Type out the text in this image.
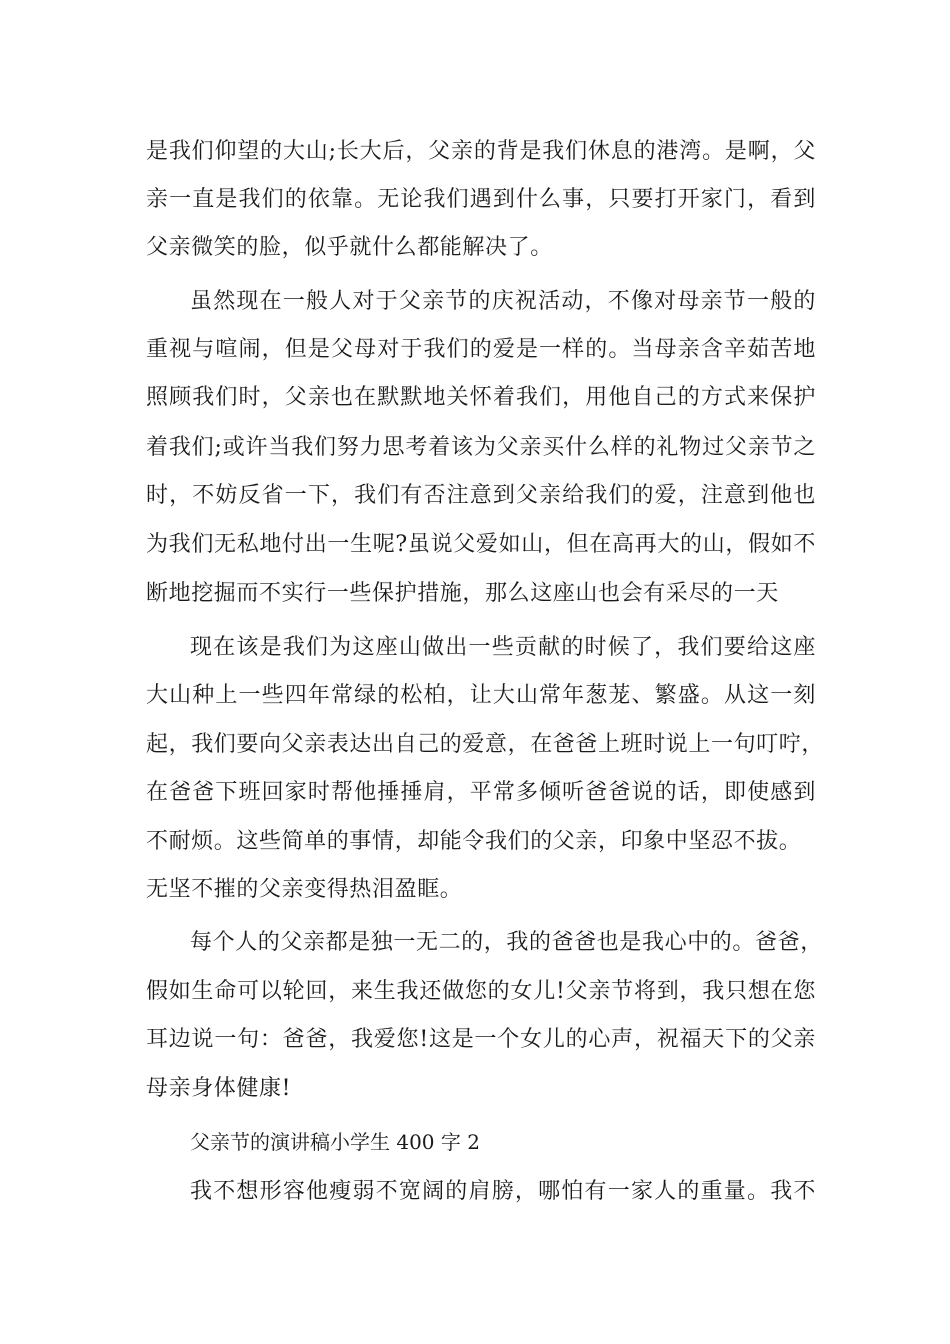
是我们仰望的大山;长大后，父亲的背是我们休息的港湾。是啊，父
亲一直是我们的依靠。无论我们遇到什么事，只要打开家门，看到
父亲微笑的脸，似乎就什么都能解决了。
虽然现在一般人对于父亲节的庆祝活动，不像对母亲节一般的
重视与喧闹，但是父母对于我们的爱是一样的。当母亲含辛茹苦地
照顾我们时，父亲也在默默地关怀着我们，用他自己的方式来保护
着我们;或许当我们努力思考着该为父亲买什么样的礼物过父亲节之
时，不妨反省一下，我们有否注意到父亲给我们的爱，注意到他也
为我们无私地付出一生呢?虽说父爱如山，但在高再大的山，假如不
断地挖掘而不实行一些保护措施，那么这座山也会有采尽的一天
现在该是我们为这座山做出一些贡献的时候了，我们要给这座
大山种上一些四年常绿的松柏，让大山常年葱茏、繁盛。从这一刻
起，我们要向父亲表达出自己的爱意，在爸爸上班时说上一句叮咛，
在爸爸下班回家时帮他捶捶肩，平常多倾听爸爸说的话，即使感到
不耐烦。这些简单的事情，却能令我们的父亲，印象中坚忍不拔。
无坚不摧的父亲变得热泪盈眶。
每个人的父亲都是独一无二的，我的爸爸也是我心中的。爸爸，
假如生命可以轮回，来生我还做您的女儿!父亲节将到，我只想在您
耳边说一句：爸爸，我爱您!这是一个女儿的心声，祝福天下的父亲
母亲身体健康!
父亲节的演讲稿小学生 400 字 2
我不想形容他瘦弱不宽阔的肩膀，哪怕有一家人的重量。我不
